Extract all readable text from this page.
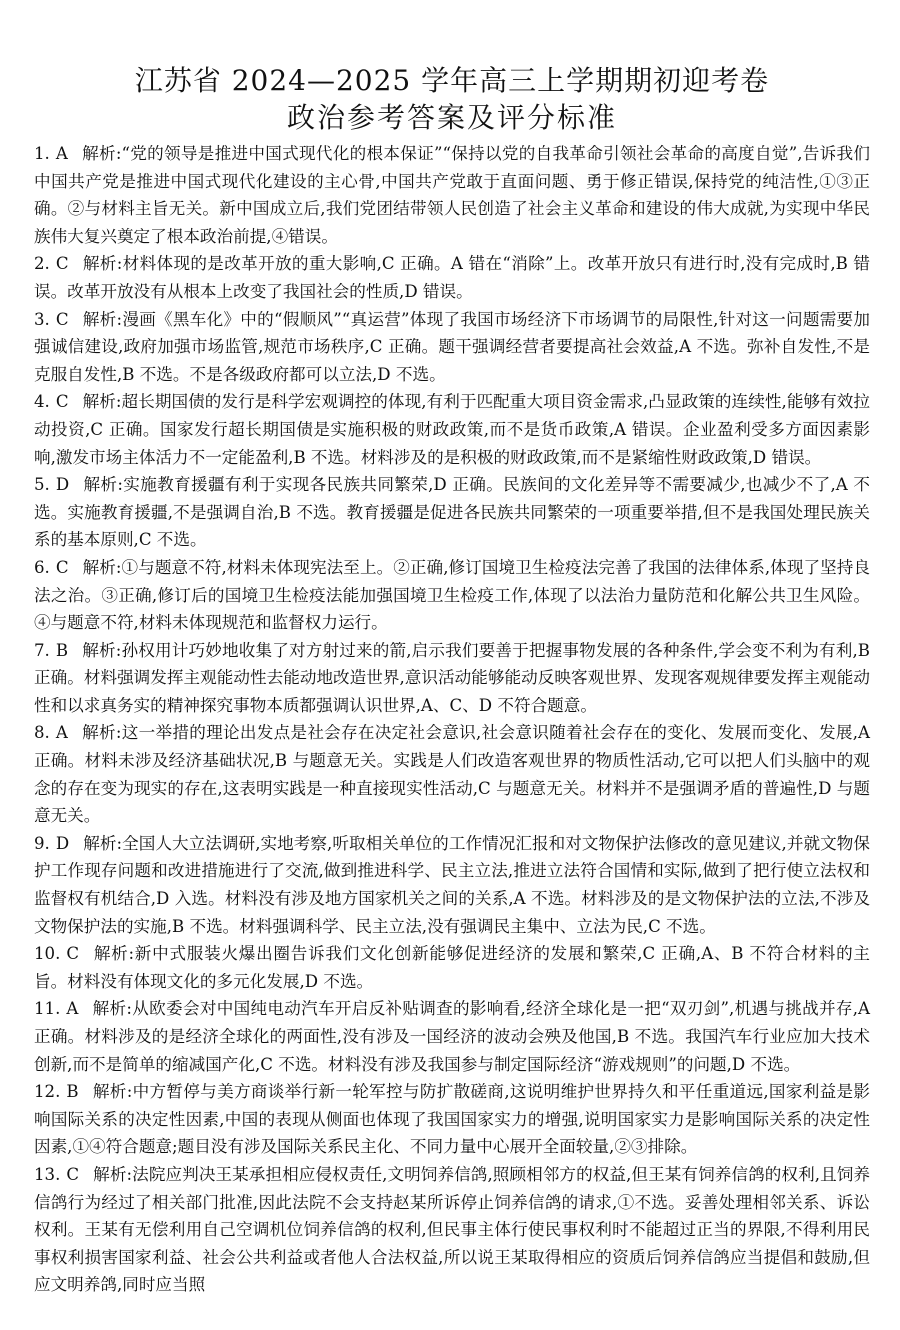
江苏省 2024—2025 学年高三上学期期初迎考卷
政治参考答案及评分标准

1. A 解析:“党的领导是推进中国式现代化的根本保证”“保持以党的自我革命引领社会革命的高度自觉”,告诉我们中国共产党是推进中国式现代化建设的主心骨,中国共产党敢于直面问题、勇于修正错误,保持党的纯洁性,①③正确。②与材料主旨无关。新中国成立后,我们党团结带领人民创造了社会主义革命和建设的伟大成就,为实现中华民族伟大复兴奠定了根本政治前提,④错误。

2. C 解析:材料体现的是改革开放的重大影响,C 正确。A 错在“消除”上。改革开放只有进行时,没有完成时,B 错误。改革开放没有从根本上改变了我国社会的性质,D 错误。

3. C 解析:漫画《黑车化》中的“假顺风”“真运营”体现了我国市场经济下市场调节的局限性,针对这一问题需要加强诚信建设,政府加强市场监管,规范市场秩序,C 正确。题干强调经营者要提高社会效益,A 不选。弥补自发性,不是克服自发性,B 不选。不是各级政府都可以立法,D 不选。

4. C 解析:超长期国债的发行是科学宏观调控的体现,有利于匹配重大项目资金需求,凸显政策的连续性,能够有效拉动投资,C 正确。国家发行超长期国债是实施积极的财政政策,而不是货币政策,A 错误。企业盈利受多方面因素影响,激发市场主体活力不一定能盈利,B 不选。材料涉及的是积极的财政政策,而不是紧缩性财政政策,D 错误。

5. D 解析:实施教育援疆有利于实现各民族共同繁荣,D 正确。民族间的文化差异等不需要减少,也减少不了,A 不选。实施教育援疆,不是强调自治,B 不选。教育援疆是促进各民族共同繁荣的一项重要举措,但不是我国处理民族关系的基本原则,C 不选。

6. C 解析:①与题意不符,材料未体现宪法至上。②正确,修订国境卫生检疫法完善了我国的法律体系,体现了坚持良法之治。③正确,修订后的国境卫生检疫法能加强国境卫生检疫工作,体现了以法治力量防范和化解公共卫生风险。④与题意不符,材料未体现规范和监督权力运行。

7. B 解析:孙权用计巧妙地收集了对方射过来的箭,启示我们要善于把握事物发展的各种条件,学会变不利为有利,B 正确。材料强调发挥主观能动性去能动地改造世界,意识活动能够能动反映客观世界、发现客观规律要发挥主观能动性和以求真务实的精神探究事物本质都强调认识世界,A、C、D 不符合题意。

8. A 解析:这一举措的理论出发点是社会存在决定社会意识,社会意识随着社会存在的变化、发展而变化、发展,A 正确。材料未涉及经济基础状况,B 与题意无关。实践是人们改造客观世界的物质性活动,它可以把人们头脑中的观念的存在变为现实的存在,这表明实践是一种直接现实性活动,C 与题意无关。材料并不是强调矛盾的普遍性,D 与题意无关。

9. D 解析:全国人大立法调研,实地考察,听取相关单位的工作情况汇报和对文物保护法修改的意见建议,并就文物保护工作现存问题和改进措施进行了交流,做到推进科学、民主立法,推进立法符合国情和实际,做到了把行使立法权和监督权有机结合,D 入选。材料没有涉及地方国家机关之间的关系,A 不选。材料涉及的是文物保护法的立法,不涉及文物保护法的实施,B 不选。材料强调科学、民主立法,没有强调民主集中、立法为民,C 不选。

10. C 解析:新中式服装火爆出圈告诉我们文化创新能够促进经济的发展和繁荣,C 正确,A、B 不符合材料的主旨。材料没有体现文化的多元化发展,D 不选。

11. A 解析:从欧委会对中国纯电动汽车开启反补贴调查的影响看,经济全球化是一把“双刃剑”,机遇与挑战并存,A 正确。材料涉及的是经济全球化的两面性,没有涉及一国经济的波动会殃及他国,B 不选。我国汽车行业应加大技术创新,而不是简单的缩减国产化,C 不选。材料没有涉及我国参与制定国际经济“游戏规则”的问题,D 不选。

12. B 解析:中方暂停与美方商谈举行新一轮军控与防扩散磋商,这说明维护世界持久和平任重道远,国家利益是影响国际关系的决定性因素,中国的表现从侧面也体现了我国国家实力的增强,说明国家实力是影响国际关系的决定性因素,①④符合题意;题目没有涉及国际关系民主化、不同力量中心展开全面较量,②③排除。

13. C 解析:法院应判决王某承担相应侵权责任,文明饲养信鸽,照顾相邻方的权益,但王某有饲养信鸽的权利,且饲养信鸽行为经过了相关部门批准,因此法院不会支持赵某所诉停止饲养信鸽的请求,①不选。妥善处理相邻关系、诉讼权利。王某有无偿利用自己空调机位饲养信鸽的权利,但民事主体行使民事权利时不能超过正当的界限,不得利用民事权利损害国家利益、社会公共利益或者他人合法权益,所以说王某取得相应的资质后饲养信鸽应当提倡和鼓励,但应文明养鸽,同时应当照
